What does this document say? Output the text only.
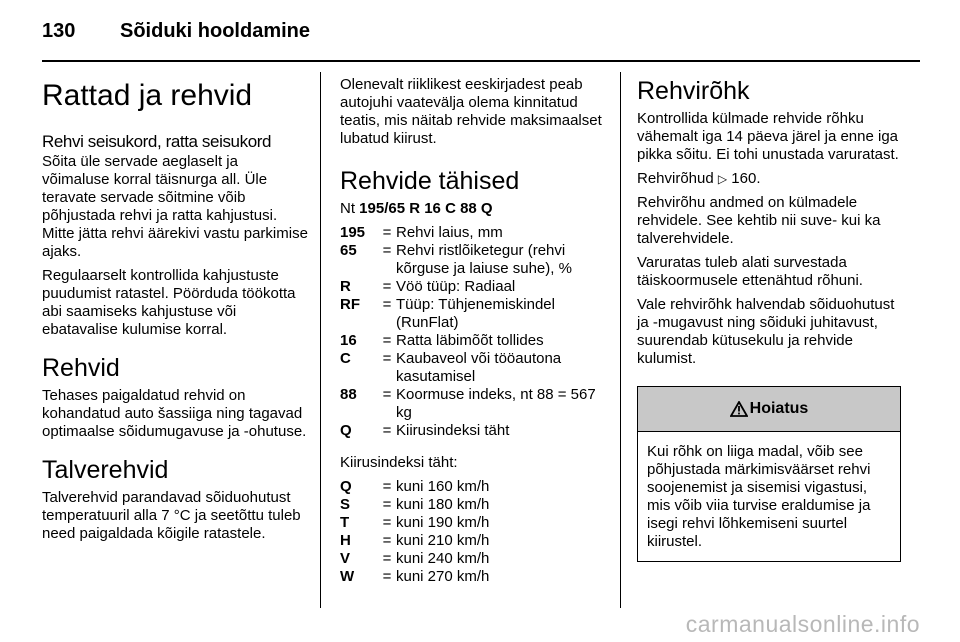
130 Sõiduki hooldamine
Rattad ja rehvid
Rehvi seisukord, ratta seisukord

Sõita üle servade aeglaselt ja võimaluse korral täisnurga all. Üle teravate servade sõitmine võib põhjustada rehvi ja ratta kahjustusi. Mitte jätta rehvi äärekivi vastu parkimise ajaks.

Regulaarselt kontrollida kahjustuste puudumist ratastel. Pöörduda töökotta abi saamiseks kahjustuse või ebatavalise kulumise korral.

Rehvid

Tehases paigaldatud rehvid on kohandatud auto šassiiga ning tagavad optimaalse sõidumugavuse ja -ohutuse.

Talverehvid

Talverehvid parandavad sõiduohutust temperatuuril alla 7 °C ja seetõttu tuleb need paigaldada kõigile ratastele.

Olenevalt riiklikest eeskirjadest peab autojuhi vaatevälja olema kinnitatud teatis, mis näitab rehvide maksimaalset lubatud kiirust.

Rehvide tähised

Nt 195/65 R 16 C 88 Q

195	= Rehvi laius, mm
65	= Rehvi ristlõiketegur (rehvi kõrguse ja laiuse suhe), %
R	= Vöö tüüp: Radiaal
RF	= Tüüp: Tühjenemiskindel (RunFlat)
16	= Ratta läbimõõt tollides
C	= Kaubaveol või tööautona kasutamisel
88	= Koormuse indeks, nt 88 = 567 kg
Q	= Kiirusindeksi täht

Kiirusindeksi täht:

Q	= kuni 160 km/h
S	= kuni 180 km/h
T	= kuni 190 km/h
H	= kuni 210 km/h
V	= kuni 240 km/h
W	= kuni 270 km/h
Rehvirõhk

Kontrollida külmade rehvide rõhku vähemalt iga 14 päeva järel ja enne iga pikka sõitu. Ei tohi unustada varuratast.

Rehvirõhud ▷ 160.

Rehvirõhu andmed on külmadele rehvidele. See kehtib nii suve- kui ka talverehvidele.

Varuratas tuleb alati survestada täiskoormusele ettenähtud rõhuni.

Vale rehvirõhk halvendab sõiduohutust ja -mugavust ning sõiduki juhitavust, suurendab kütusekulu ja rehvide kulumist.

Hoiatus
Kui rõhk on liiga madal, võib see põhjustada märkimisväärset rehvi soojenemist ja sisemisi vigastusi, mis võib viia turvise eraldumise ja isegi rehvi lõhkemiseni suurtel kiirustel.
carmanualsonline.info
